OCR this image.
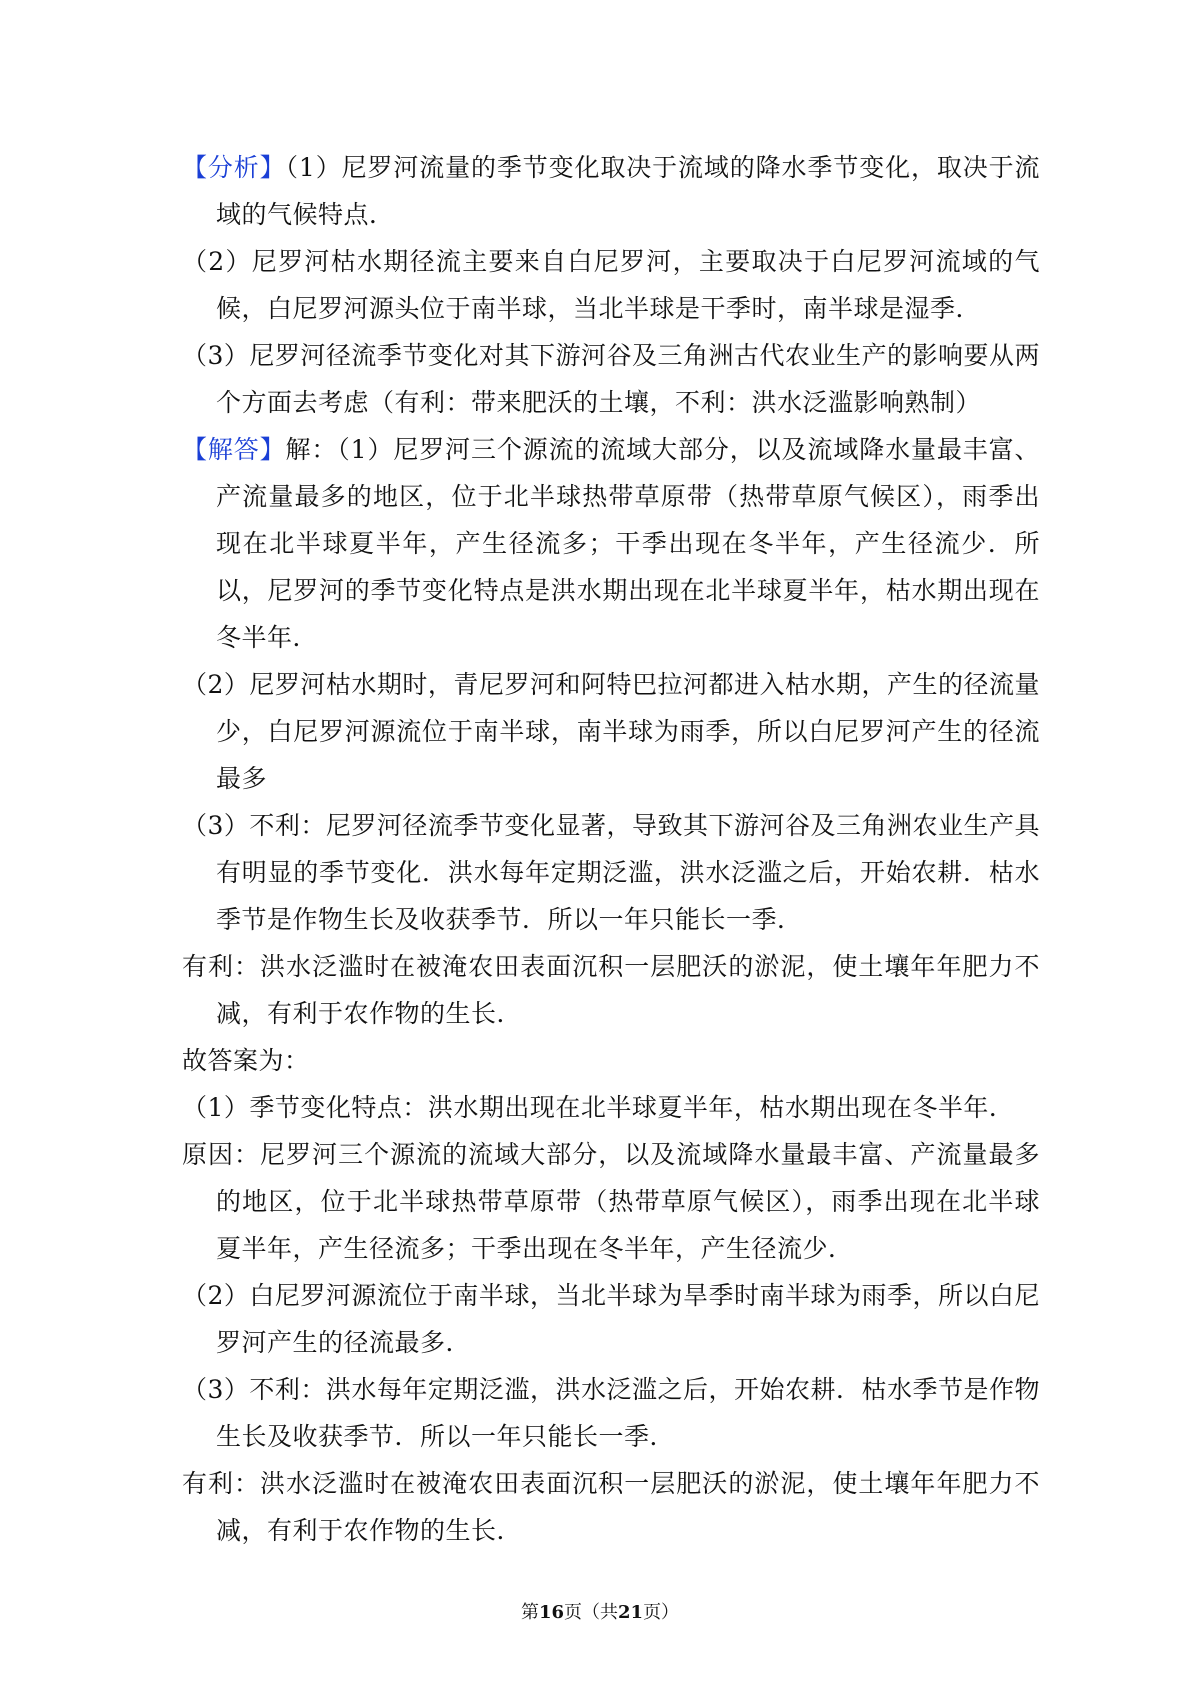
【分析】（1）尼罗河流量的季节变化取决于流域的降水季节变化，取决于流域的气候特点．

（2）尼罗河枯水期径流主要来自白尼罗河，主要取决于白尼罗河流域的气候，白尼罗河源头位于南半球，当北半球是干季时，南半球是湿季．

（3）尼罗河径流季节变化对其下游河谷及三角洲古代农业生产的影响要从两个方面去考虑（有利：带来肥沃的土壤，不利：洪水泛滥影响熟制）

【解答】解：（1）尼罗河三个源流的流域大部分，以及流域降水量最丰富、产流量最多的地区，位于北半球热带草原带（热带草原气候区），雨季出现在北半球夏半年，产生径流多；干季出现在冬半年，产生径流少．所以，尼罗河的季节变化特点是洪水期出现在北半球夏半年，枯水期出现在冬半年．

（2）尼罗河枯水期时，青尼罗河和阿特巴拉河都进入枯水期，产生的径流量少，白尼罗河源流位于南半球，南半球为雨季，所以白尼罗河产生的径流最多

（3）不利：尼罗河径流季节变化显著，导致其下游河谷及三角洲农业生产具有明显的季节变化．洪水每年定期泛滥，洪水泛滥之后，开始农耕．枯水季节是作物生长及收获季节．所以一年只能长一季．

有利：洪水泛滥时在被淹农田表面沉积一层肥沃的淤泥，使土壤年年肥力不减，有利于农作物的生长．

故答案为：

（1）季节变化特点：洪水期出现在北半球夏半年，枯水期出现在冬半年．

原因：尼罗河三个源流的流域大部分，以及流域降水量最丰富、产流量最多的地区，位于北半球热带草原带（热带草原气候区），雨季出现在北半球夏半年，产生径流多；干季出现在冬半年，产生径流少．

（2）白尼罗河源流位于南半球，当北半球为旱季时南半球为雨季，所以白尼罗河产生的径流最多．

（3）不利：洪水每年定期泛滥，洪水泛滥之后，开始农耕．枯水季节是作物生长及收获季节．所以一年只能长一季．

有利：洪水泛滥时在被淹农田表面沉积一层肥沃的淤泥，使土壤年年肥力不减，有利于农作物的生长．

第16页（共21页）
